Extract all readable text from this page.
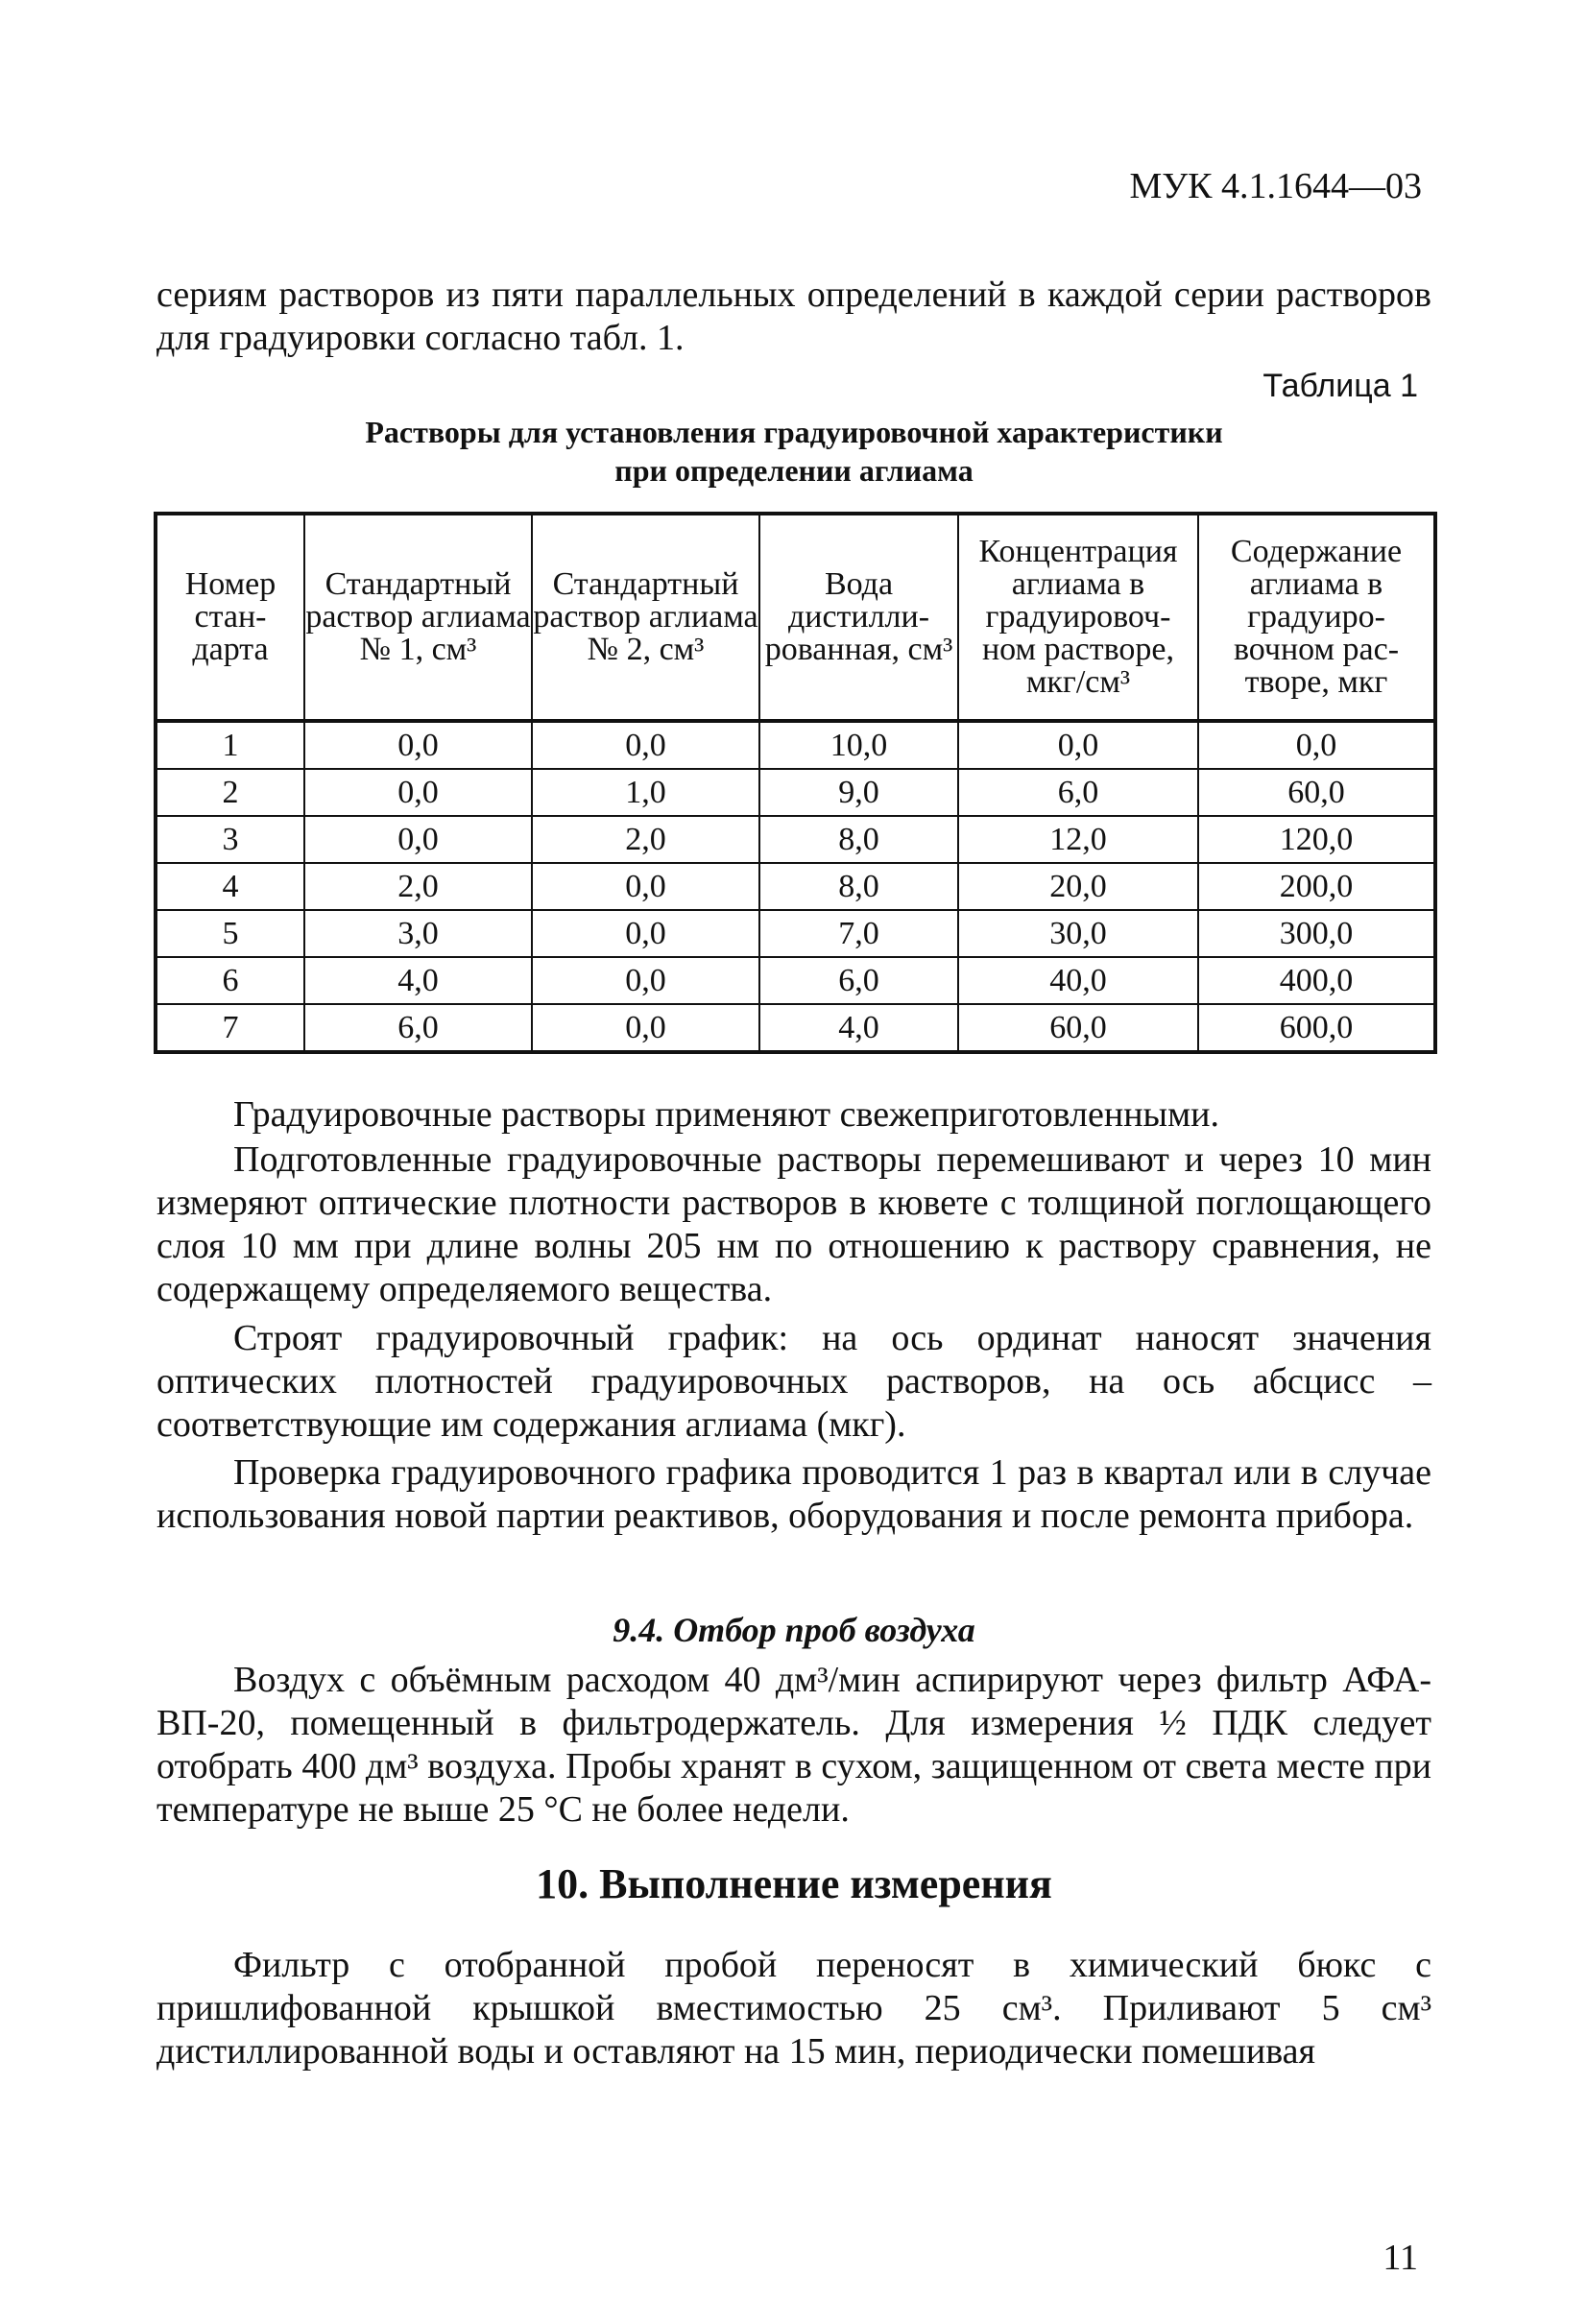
МУК 4.1.1644—03
сериям растворов из пяти параллельных определений в каждой серии растворов для градуировки согласно табл. 1.
Таблица 1
Растворы для установления градуировочной характеристики
при определении аглиама
Номер стан-дарта	Стандартный раствор аглиама № 1, см³	Стандартный раствор аглиама № 2, см³	Вода дистилли-рованная, см³	Концентрация аглиама в градуировоч-ном растворе, мкг/см³	Содержание аглиама в градуиро-вочном рас-творе, мкг
1	0,0	0,0	10,0	0,0	0,0
2	0,0	1,0	9,0	6,0	60,0
3	0,0	2,0	8,0	12,0	120,0
4	2,0	0,0	8,0	20,0	200,0
5	3,0	0,0	7,0	30,0	300,0
6	4,0	0,0	6,0	40,0	400,0
7	6,0	0,0	4,0	60,0	600,0
Градуировочные растворы применяют свежеприготовленными.
Подготовленные градуировочные растворы перемешивают и через 10 мин измеряют оптические плотности растворов в кювете с толщиной поглощающего слоя 10 мм при длине волны 205 нм по отношению к раствору сравнения, не содержащему определяемого вещества.
Строят градуировочный график: на ось ординат наносят значения оптических плотностей градуировочных растворов, на ось абсцисс – соответствующие им содержания аглиама (мкг).
Проверка градуировочного графика проводится 1 раз в квартал или в случае использования новой партии реактивов, оборудования и после ремонта прибора.
9.4. Отбор проб воздуха
Воздух с объёмным расходом 40 дм³/мин аспирируют через фильтр АФА-ВП-20, помещенный в фильтродержатель. Для измерения ½ ПДК следует отобрать 400 дм³ воздуха. Пробы хранят в сухом, защищенном от света месте при температуре не выше 25 °С не более недели.
10. Выполнение измерения
Фильтр с отобранной пробой переносят в химический бюкс с пришлифованной крышкой вместимостью 25 см³. Приливают 5 см³ дистиллированной воды и оставляют на 15 мин, периодически помешивая
11
